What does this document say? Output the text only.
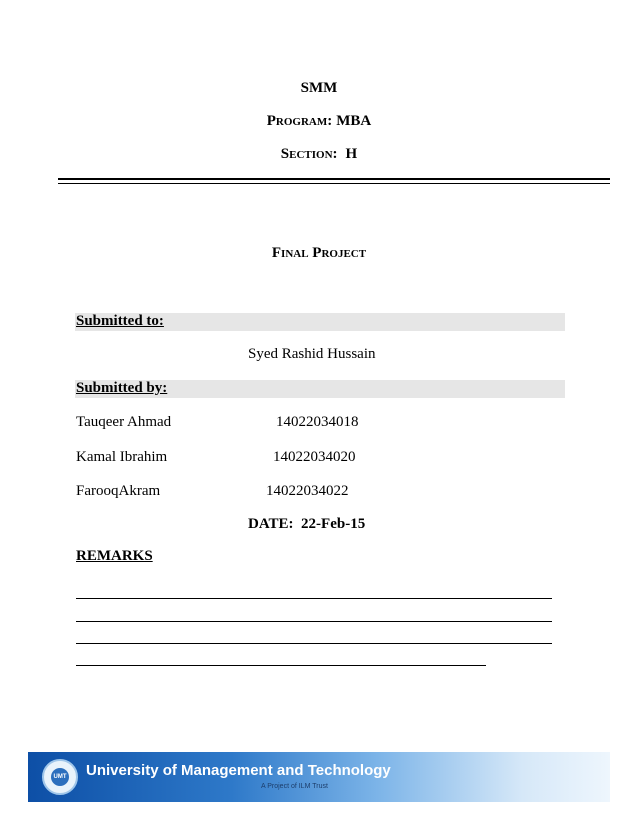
SMM
Program: MBA
Section: H
Final Project
Submitted to:
Syed Rashid Hussain
Submitted by:
Tauqeer Ahmad	14022034018
Kamal Ibrahim	14022034020
FarooqAkram	14022034022
DATE:  22-Feb-15
REMARKS
UMT University of Management and Technology
A Project of ILM Trust
